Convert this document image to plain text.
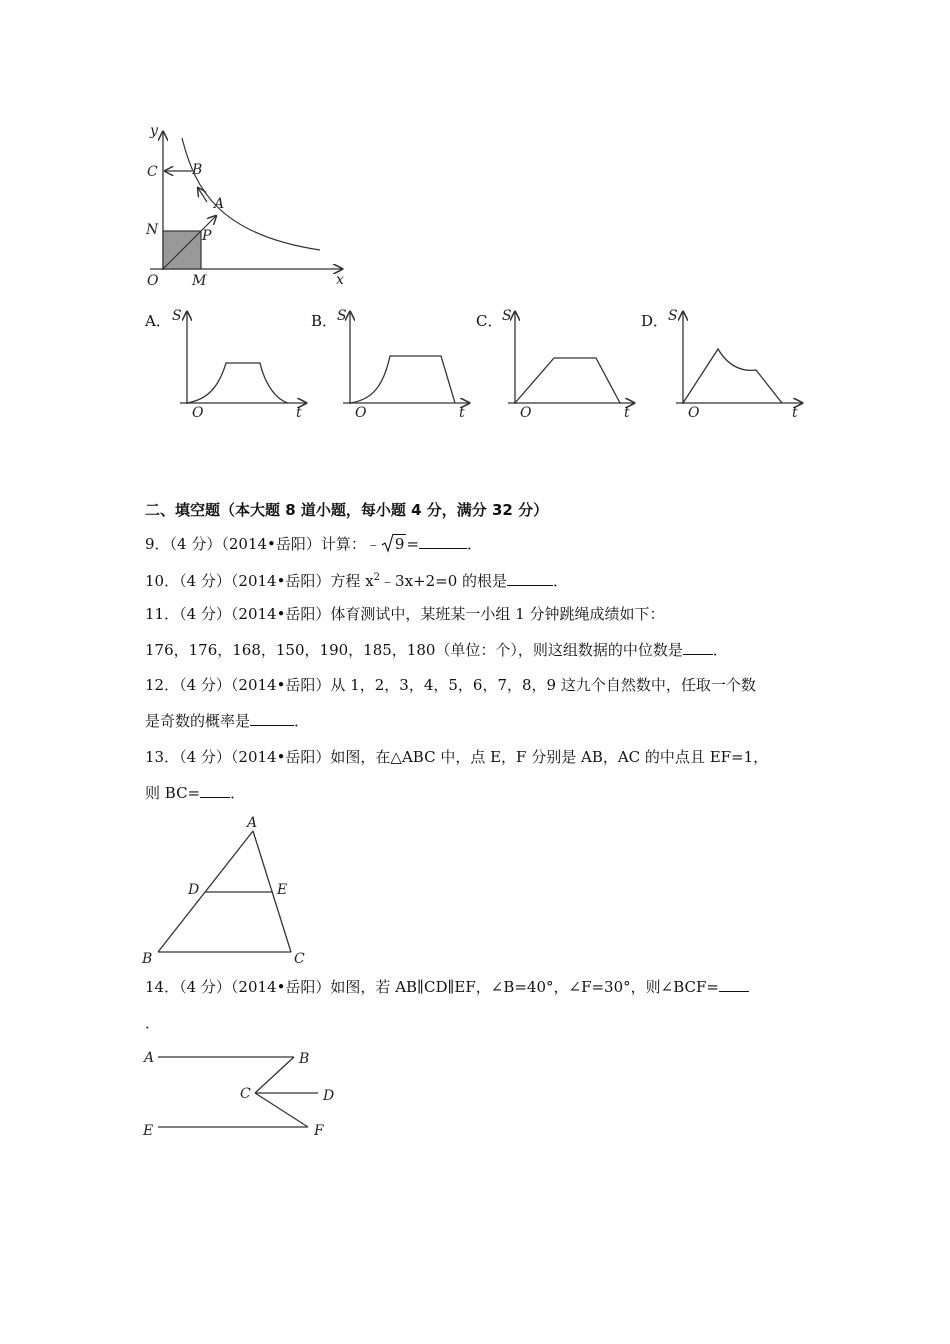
y
x
O
C B
A
N	P
M
A． S
O	t
B． S
O	t
C． S
O	t
D． S
O	t
二、填空题（本大题 8 道小题，每小题 4 分，满分 32 分）
9．（4 分）（2014•岳阳）计算：﹣ 9 =	．
10．（4 分）（2014•岳阳）方程 $x^2﹣3x+2=0$ 的根是	．
11．（4 分）（2014•岳阳）体育测试中，某班某一小组 1 分钟跳绳成绩如下：
176，176，168，150，190，185，180（单位：个），则这组数据的中位数是 ．
12．（4 分）（2014•岳阳）从 1，2，3，4，5，6，7，8，9 这九个自然数中，任取一个数
是奇数的概率是	．
13．（4 分）（2014•岳阳）如图，在△ABC 中，点 E，F 分别是 AB，AC 的中点且 EF=1，
则 BC= ．
A
B	C
D	E
14．（4 分）（2014•岳阳）如图，若 AB∥CD∥EF，∠B=40°，∠F=30°，则∠BCF=
．
A	B
C	D
E	F
